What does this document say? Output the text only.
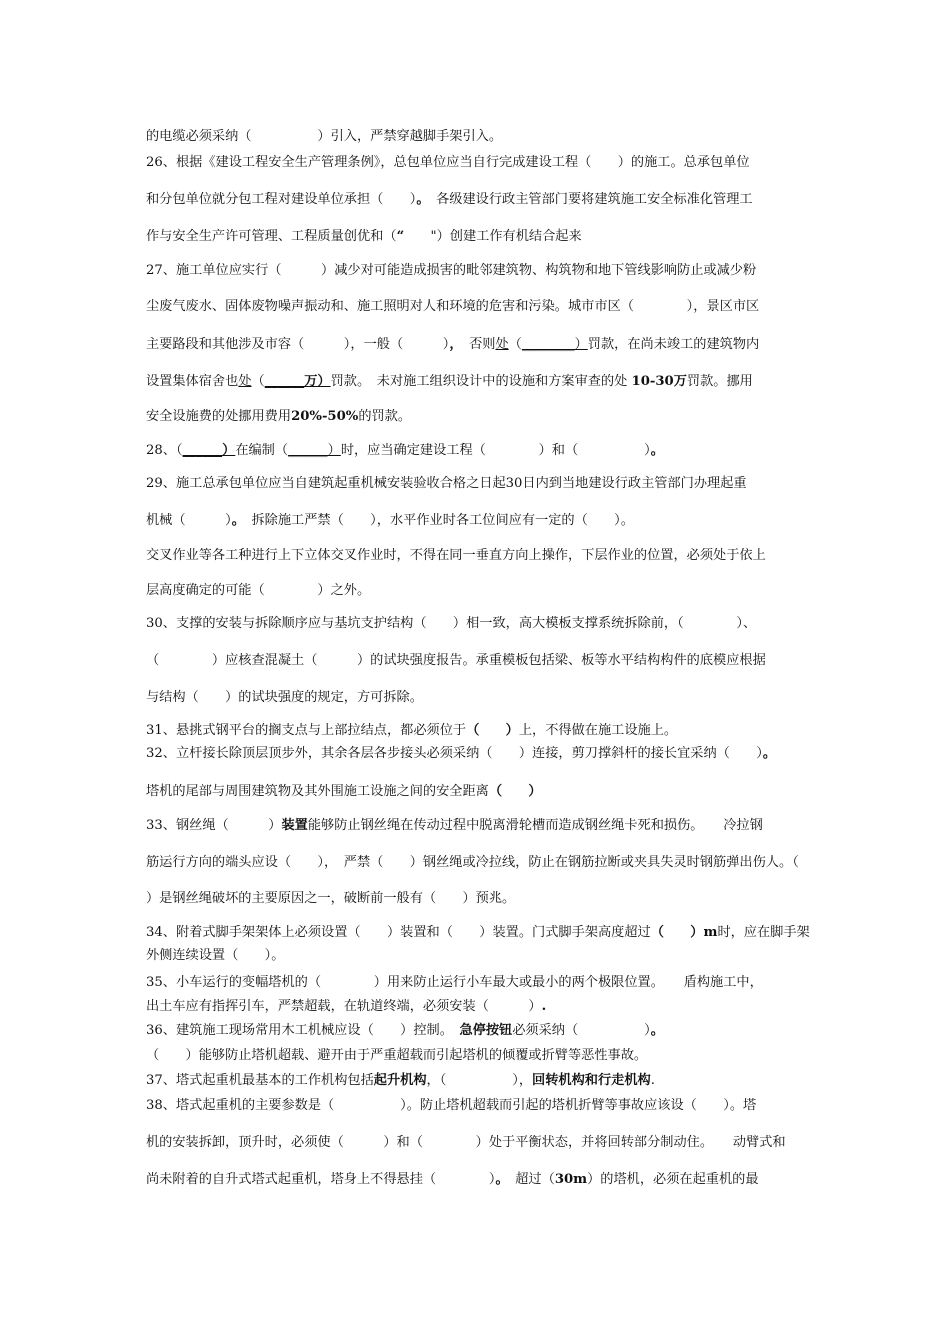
的电缆必须采纳（　　　　　）引入，严禁穿越脚手架引入。
26、根据《建设工程安全生产管理条例》，总包单位应当自行完成建设工程（　　）的施工。总承包单位
和分包单位就分包工程对建设单位承担（　　）。　各级建设行政主管部门要将建筑施工安全标准化管理工
作与安全生产许可管理、工程质量创优和（“　　"）创建工作有机结合起来
27、施工单位应实行（　　　）减少对可能造成损害的毗邻建筑物、构筑物和地下管线影响防止或减少粉
尘废气废水、固体废物噪声振动和、施工照明对人和环境的危害和污染。城市市区（　　　　），景区市区
主要路段和其他涉及市容（　　　），一般（　　　），　否则处（________）罚款，在尚未竣工的建筑物内
设置集体宿舍也处（______万）罚款。　未对施工组织设计中的设施和方案审查的处 10-30万罚款。挪用
安全设施费的处挪用费用20%-50%的罚款。
28、（______）在编制（______）时，应当确定建设工程（　　　　）和（　　　　　）。
29、施工总承包单位应当自建筑起重机械安装验收合格之日起30日内到当地建设行政主管部门办理起重
机械（　　　）。　拆除施工严禁（　　），水平作业时各工位间应有一定的（　　）。
交叉作业等各工种进行上下立体交叉作业时，不得在同一垂直方向上操作，下层作业的位置，必须处于依上
层高度确定的可能（　　　　）之外。
30、支撑的安装与拆除顺序应与基坑支护结构（　　）相一致，高大模板支撑系统拆除前，（　　　　）、
（　　　　）应核查混凝土（　　　）的试块强度报告。承重模板包括梁、板等水平结构构件的底模应根据
与结构（　　）的试块强度的规定，方可拆除。
31、悬挑式钢平台的搁支点与上部拉结点，都必须位于（　　）上，不得做在施工设施上。
32、立杆接长除顶层顶步外，其余各层各步接头必须采纳（　　）连接，剪刀撑斜杆的接长宜采纳（　　）。
塔机的尾部与周围建筑物及其外围施工设施之间的安全距离（　　）
33、钢丝绳（　　　）装置能够防止钢丝绳在传动过程中脱离滑轮槽而造成钢丝绳卡死和损伤。　　冷拉钢
筋运行方向的端头应设（　　），　严禁（　　）钢丝绳或冷拉线，防止在钢筋拉断或夹具失灵时钢筋弹出伤人。（
）是钢丝绳破坏的主要原因之一，破断前一般有（　　）预兆。
34、附着式脚手架架体上必须设置（　　）装置和（　　）装置。门式脚手架高度超过（　　）m时，应在脚手架
外侧连续设置（　　）。
35、小车运行的变幅塔机的（　　　　）用来防止运行小车最大或最小的两个极限位置。　　盾构施工中，
出土车应有指挥引车，严禁超载，在轨道终端，必须安装（　　　）.
36、建筑施工现场常用木工机械应设（　　）控制。　急停按钮必须采纳（　　　　　）。
（　　）能够防止塔机超载、避开由于严重超载而引起塔机的倾覆或折臂等恶性事故。
37、塔式起重机最基本的工作机构包括起升机构，（　　　　　），回转机构和行走机构.
38、塔式起重机的主要参数是（　　　　　）。防止塔机超载而引起的塔机折臂等事故应该设（　　）。塔
机的安装拆卸，顶升时，必须使（　　　）和（　　　　）处于平衡状态，并将回转部分制动住。　　动臂式和
尚未附着的自升式塔式起重机，塔身上不得悬挂（　　　　）。　超过（30m）的塔机，必须在起重机的最
